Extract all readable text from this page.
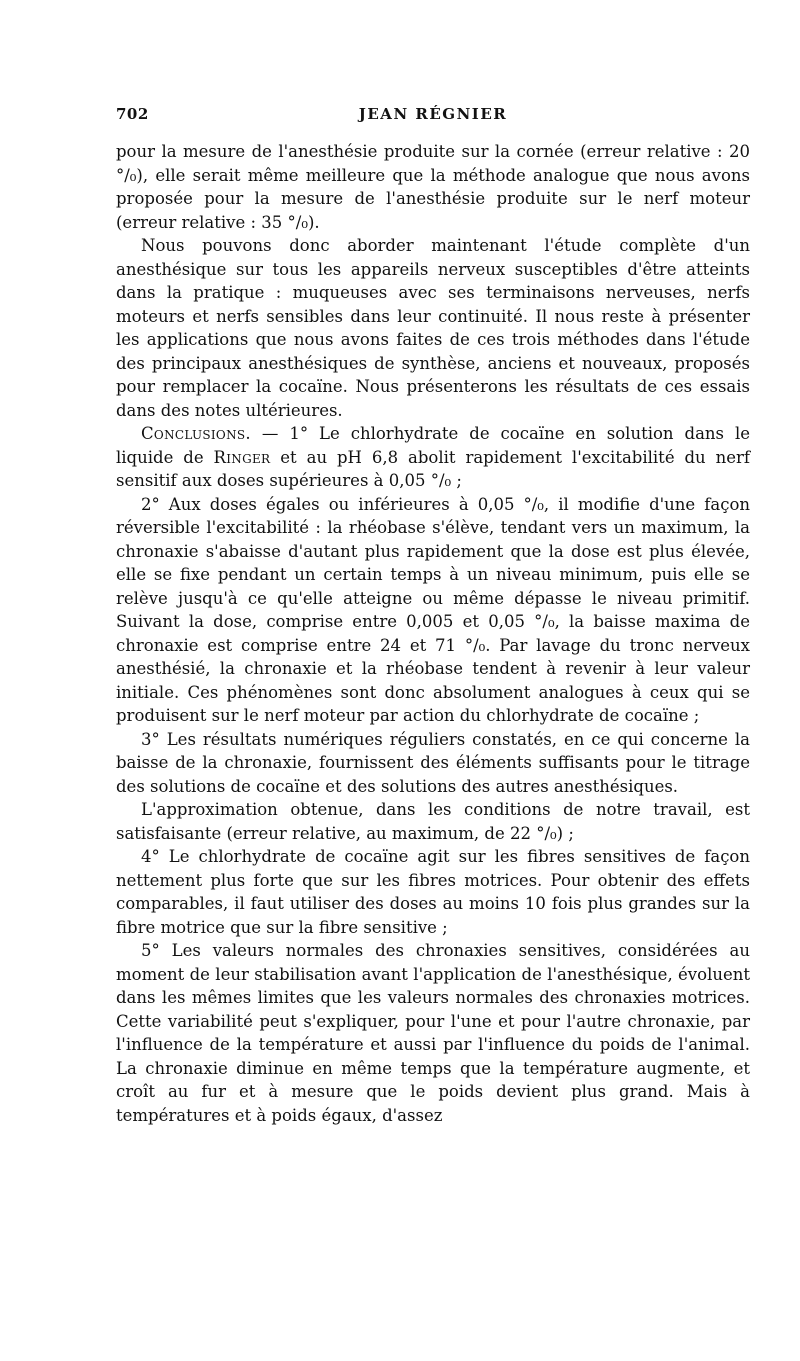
702	JEAN RÉGNIER

pour la mesure de l'anesthésie produite sur la cornée (erreur relative : 20 °/₀), elle serait même meilleure que la méthode analogue que nous avons proposée pour la mesure de l'anesthésie produite sur le nerf moteur (erreur relative : 35 °/₀).

Nous pouvons donc aborder maintenant l'étude complète d'un anesthésique sur tous les appareils nerveux susceptibles d'être atteints dans la pratique : muqueuses avec ses terminaisons nerveuses, nerfs moteurs et nerfs sensibles dans leur continuité. Il nous reste à présenter les applications que nous avons faites de ces trois méthodes dans l'étude des principaux anesthésiques de synthèse, anciens et nouveaux, proposés pour remplacer la cocaïne. Nous présenterons les résultats de ces essais dans des notes ultérieures.

Conclusions. — 1° Le chlorhydrate de cocaïne en solution dans le liquide de Ringer et au pH 6,8 abolit rapidement l'excitabilité du nerf sensitif aux doses supérieures à 0,05 °/₀ ;

2° Aux doses égales ou inférieures à 0,05 °/₀, il modifie d'une façon réversible l'excitabilité : la rhéobase s'élève, tendant vers un maximum, la chronaxie s'abaisse d'autant plus rapidement que la dose est plus élevée, elle se fixe pendant un certain temps à un niveau minimum, puis elle se relève jusqu'à ce qu'elle atteigne ou même dépasse le niveau primitif. Suivant la dose, comprise entre 0,005 et 0,05 °/₀, la baisse maxima de chronaxie est comprise entre 24 et 71 °/₀. Par lavage du tronc nerveux anesthésié, la chronaxie et la rhéobase tendent à revenir à leur valeur initiale. Ces phénomènes sont donc absolument analogues à ceux qui se produisent sur le nerf moteur par action du chlorhydrate de cocaïne ;

3° Les résultats numériques réguliers constatés, en ce qui concerne la baisse de la chronaxie, fournissent des éléments suffisants pour le titrage des solutions de cocaïne et des solutions des autres anesthésiques.

L'approximation obtenue, dans les conditions de notre travail, est satisfaisante (erreur relative, au maximum, de 22 °/₀) ;

4° Le chlorhydrate de cocaïne agit sur les fibres sensitives de façon nettement plus forte que sur les fibres motrices. Pour obtenir des effets comparables, il faut utiliser des doses au moins 10 fois plus grandes sur la fibre motrice que sur la fibre sensitive ;

5° Les valeurs normales des chronaxies sensitives, considérées au moment de leur stabilisation avant l'application de l'anesthésique, évoluent dans les mêmes limites que les valeurs normales des chronaxies motrices. Cette variabilité peut s'expliquer, pour l'une et pour l'autre chronaxie, par l'influence de la température et aussi par l'influence du poids de l'animal. La chronaxie diminue en même temps que la température augmente, et croît au fur et à mesure que le poids devient plus grand. Mais à températures et à poids égaux, d'assez
